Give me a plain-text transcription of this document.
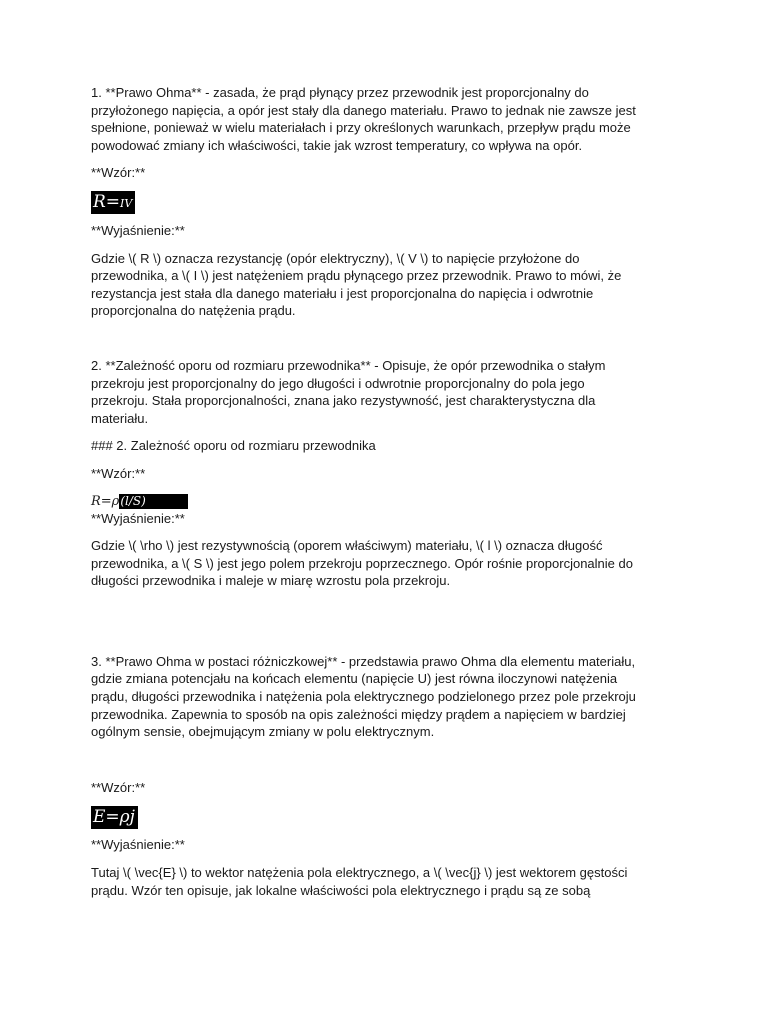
1. **Prawo Ohma** - zasada, że prąd płynący przez przewodnik jest proporcjonalny do

przyłożonego napięcia, a opór jest stały dla danego materiału. Prawo to jednak nie zawsze jest

spełnione, ponieważ w wielu materiałach i przy określonych warunkach, przepływ prądu może

powodować zmiany ich właściwości, takie jak wzrost temperatury, co wpływa na opór.

**Wzór:**

R=IV

**Wyjaśnienie:**

Gdzie \( R \) oznacza rezystancję (opór elektryczny), \( V \) to napięcie przyłożone do

przewodnika, a \( I \) jest natężeniem prądu płynącego przez przewodnik. Prawo to mówi, że

rezystancja jest stała dla danego materiału i jest proporcjonalna do napięcia i odwrotnie

proporcjonalna do natężenia prądu.

2. **Zależność oporu od rozmiaru przewodnika** - Opisuje, że opór przewodnika o stałym

przekroju jest proporcjonalny do jego długości i odwrotnie proporcjonalny do pola jego

przekroju. Stała proporcjonalności, znana jako rezystywność, jest charakterystyczna dla

materiału.

### 2. Zależność oporu od rozmiaru przewodnika

**Wzór:**

R=ρ (l/S)

**Wyjaśnienie:**

Gdzie \( \rho \) jest rezystywnością (oporem właściwym) materiału, \( l \) oznacza długość

przewodnika, a \( S \) jest jego polem przekroju poprzecznego. Opór rośnie proporcjonalnie do

długości przewodnika i maleje w miarę wzrostu pola przekroju.

3. **Prawo Ohma w postaci różniczkowej** - przedstawia prawo Ohma dla elementu materiału,

gdzie zmiana potencjału na końcach elementu (napięcie U) jest równa iloczynowi natężenia

prądu, długości przewodnika i natężenia pola elektrycznego podzielonego przez pole przekroju

przewodnika. Zapewnia to sposób na opis zależności między prądem a napięciem w bardziej

ogólnym sensie, obejmującym zmiany w polu elektrycznym.

**Wzór:**

E=ρj

**Wyjaśnienie:**

Tutaj \( \vec{E} \) to wektor natężenia pola elektrycznego, a \( \vec{j} \) jest wektorem gęstości

prądu. Wzór ten opisuje, jak lokalne właściwości pola elektrycznego i prądu są ze sobą
